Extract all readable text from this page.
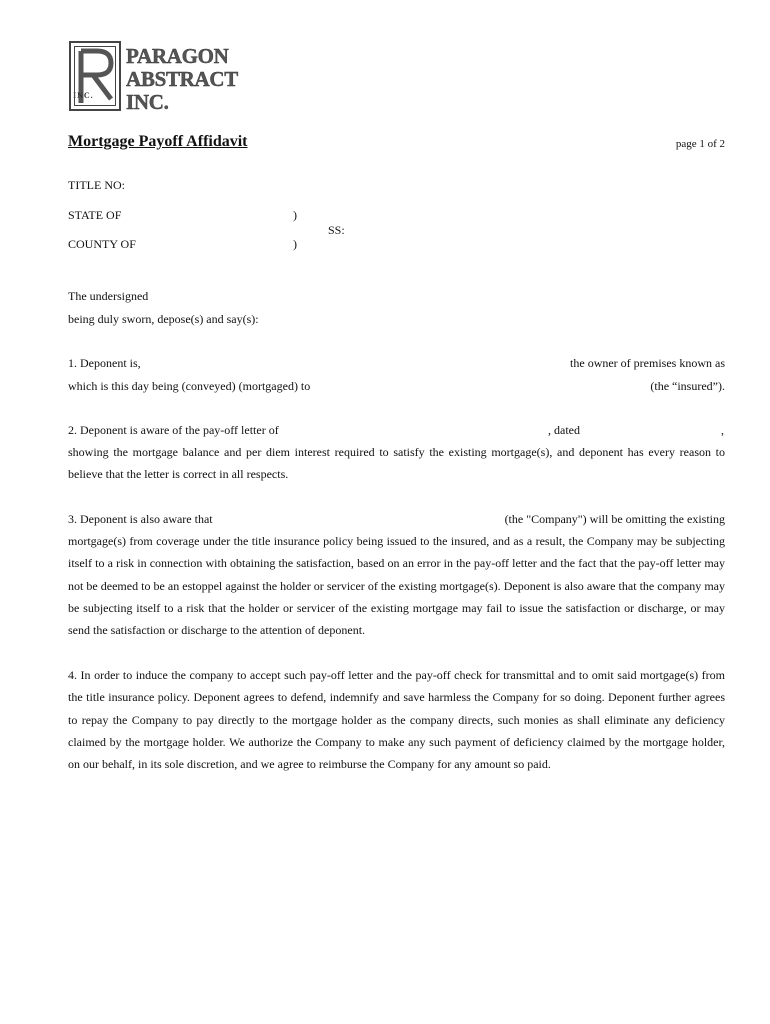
INC.
PARAGON
ABSTRACT
INC.
Mortgage Payoff Affidavit	page 1 of 2
TITLE NO:
STATE OF	)
SS:
COUNTY OF	)
The undersigned
being duly sworn, depose(s) and say(s):
1. Deponent is,	the owner of premises known as
which is this day being (conveyed) (mortgaged) to	(the “insured”).
2. Deponent is aware of the pay-off letter of	, dated	,
showing the mortgage balance and per diem interest required to satisfy the existing mortgage(s), and deponent has every reason to
believe that the letter is correct in all respects.
3. Deponent is also aware that	(the "Company") will be omitting the existing
mortgage(s) from coverage under the title insurance policy being issued to the insured, and as a result, the Company may be subjecting itself to a risk in connection with obtaining the satisfaction, based on an error in the pay-off letter and the fact that the pay-off letter may not be deemed to be an estoppel against the holder or servicer of the existing mortgage(s). Deponent is also aware that the company may be subjecting itself to a risk that the holder or servicer of the existing mortgage may fail to issue the satisfaction or discharge, or may send the satisfaction or discharge to the attention of deponent.
4. In order to induce the company to accept such pay-off letter and the pay-off check for transmittal and to omit said mortgage(s) from the title insurance policy. Deponent agrees to defend, indemnify and save harmless the Company for so doing. Deponent further agrees to repay the Company to pay directly to the mortgage holder as the company directs, such monies as shall eliminate any deficiency claimed by the mortgage holder. We authorize the Company to make any such payment of deficiency claimed by the mortgage holder, on our behalf, in its sole discretion, and we agree to reimburse the Company for any amount so paid.
